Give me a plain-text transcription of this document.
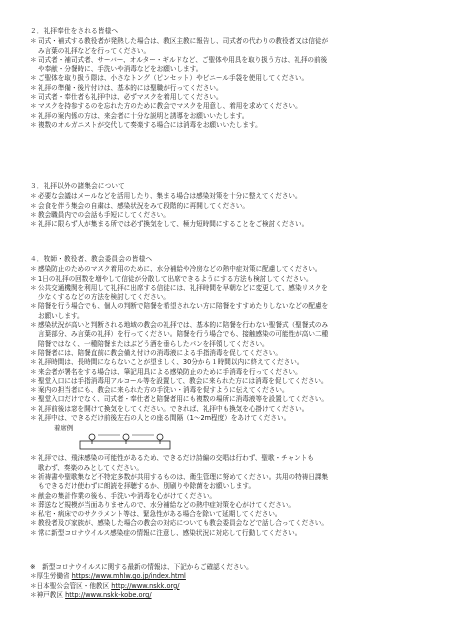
２．礼拝奉仕をされる皆様へ

＊ 司式・補式する教役者が発熱した場合は、教区主教に報告し、司式者の代わりの教役者又は信徒が
み言葉の礼拝などを行ってください。

＊ 司式者・補司式者、サーバー、オルター・ギルドなど、ご聖体や用具を取り扱う方は、礼拝の前後
や奉献・分餐時に、手洗いや消毒などをお願いします。

＊ ご聖体を取り扱う際は、小さなトング（ピンセット）やビニール手袋を使用してください。

＊ 礼拝の準備・後片付けは、基本的には聖職が行ってください。

＊ 司式者・奉仕者も礼拝中は、必ずマスクを着用してください。

＊ マスクを持参するのを忘れた方のために教会でマスクを用意し、着用を求めてください。

＊ 礼拝の案内係の方は、来会者に十分な説明と誘導をお願いいたします。

＊ 複数のオルガニストが交代して奏楽する場合には消毒をお願いいたします。

３．礼拝以外の諸集会について

＊ 必要な会議はメールなどを活用したり、集まる場合は感染対策を十分に整えてください。

＊ 会食を伴う集会の自粛は、感染状況をみて段階的に再開してください。

＊ 教会職員内での会話も手短にしてください。

＊ 礼拝に限らず人が集まる所では必ず換気をして、極力短時間にすることをご検討ください。

４．牧師・教役者、教会委員会の皆様へ

＊ 感染防止のためのマスク着用のために、水分補給や冷房などの熱中症対策に配慮してください。

＊ 1日の礼拝の回数を増やして信徒が分散して出席できるようにする方法も検討してください。

＊ 公共交通機関を利用して礼拝に出席する信徒には、礼拝時間を早朝などに変更して、感染リスクを
少なくするなどの方法を検討してください。

＊ 陪餐を行う場合でも、個人の判断で陪餐を希望されない方に陪餐をすすめたりしないなどの配慮を
お願いします。

＊ 感染状況が高いと判断される地域の教会の礼拝では、基本的に陪餐を行わない聖餐式（聖餐式のみ
言葉部分、み言葉の礼拝）を行ってください。陪餐を行う場合でも、接触感染の可能性が高い二種
陪餐ではなく、一種陪餐またはぶどう酒を垂らしたパンを拝領してください。

＊ 陪餐者には、陪餐直前に教会備え付けの消毒液による手指消毒を促してください。

＊ 礼拝時間は、長時間にならないことが望ましく、30分から１時間以内に終えてください。

＊ 来会者が署名をする場合は、筆記用具による感染防止のために手消毒を行ってください。

＊ 聖堂入口には手指消毒用アルコール等を設置して、教会に来られた方には消毒を促してください。

＊ 案内の担当者にも、教会に来られた方の手洗い・消毒を促すように伝えてください。

＊ 聖堂入口だけでなく、司式者・奉仕者と陪餐者用にも複数の場所に消毒液等を設置してください。

＊ 礼拝前後は窓を開けて換気をしてください。できれば、礼拝中も換気を心掛けてください。

＊ 礼拝中は、できるだけ前後左右の人との座る間隔（1～2m程度）をあけてください。

着席例

＊ 礼拝では、飛沫感染の可能性があるため、できるだけ詩編の交唱は行わず、聖歌・チャントも
歌わず、奏楽のみとしてください。

＊ 祈祷書や聖歌集など不特定多数が共用するものは、衛生管理に努めてください。共用の特祷日課集
もできるだけ使わずに朗読を拝聴するか、別刷りや除菌をお願いします。

＊ 献金の集計作業の後も、手洗いや消毒を心がけてください。

＊ 葬送など規模が当面ありませんので、水分補給などの熱中症対策を心がけてください。

＊ 私宅・病床でのサクラメント等は、緊急性がある場合を除いて延期してください。

＊ 教役者及び家族が、感染した場合の教会の対応についても教会委員会などで話し合ってください。

＊ 常に新型コロナウイルス感染症の情報に注意し、感染状況に対応して行動してください。

※　新型コロナウイルスに関する最新の情報は、下記からご確認ください。

＊厚生労働省 https://www.mhlw.go.jp/index.html

＊日本聖公会管区・他教区 http://www.nskk.org/

＊神戸教区 http://www.nskk-kobe.org/
